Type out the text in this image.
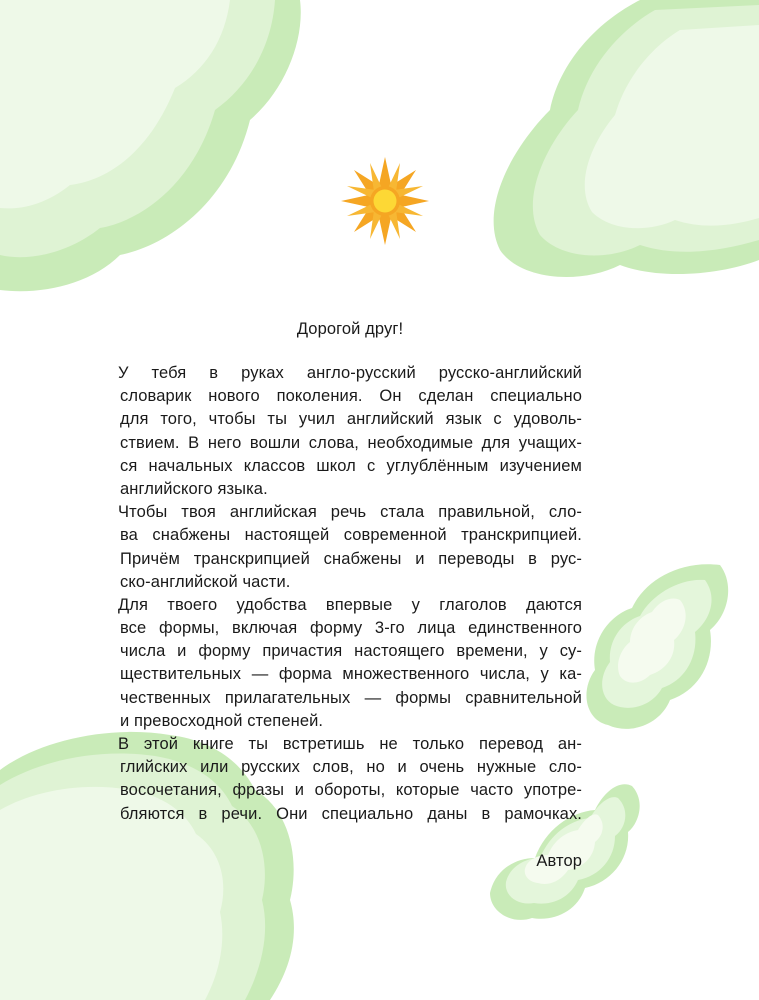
Дорогой друг!

У тебя в руках англо-русский русско-английский
словарик нового поколения. Он сделан специально
для того, чтобы ты учил английский язык с удоволь-
ствием. В него вошли слова, необходимые для учащих-
ся начальных классов школ с углублённым изучением
английского языка.

Чтобы твоя английская речь стала правильной, сло-
ва снабжены настоящей современной транскрипцией.
Причём транскрипцией снабжены и переводы в рус-
ско-английской части.

Для твоего удобства впервые у глаголов даются
все формы, включая форму 3-го лица единственного
числа и форму причастия настоящего времени, у су-
ществительных — форма множественного числа, у ка-
чественных прилагательных — формы сравнительной
и превосходной степеней.

В этой книге ты встретишь не только перевод ан-
глийских или русских слов, но и очень нужные сло-
восочетания, фразы и обороты, которые часто употре-
бляются в речи. Они специально даны в рамочках.

Автор
